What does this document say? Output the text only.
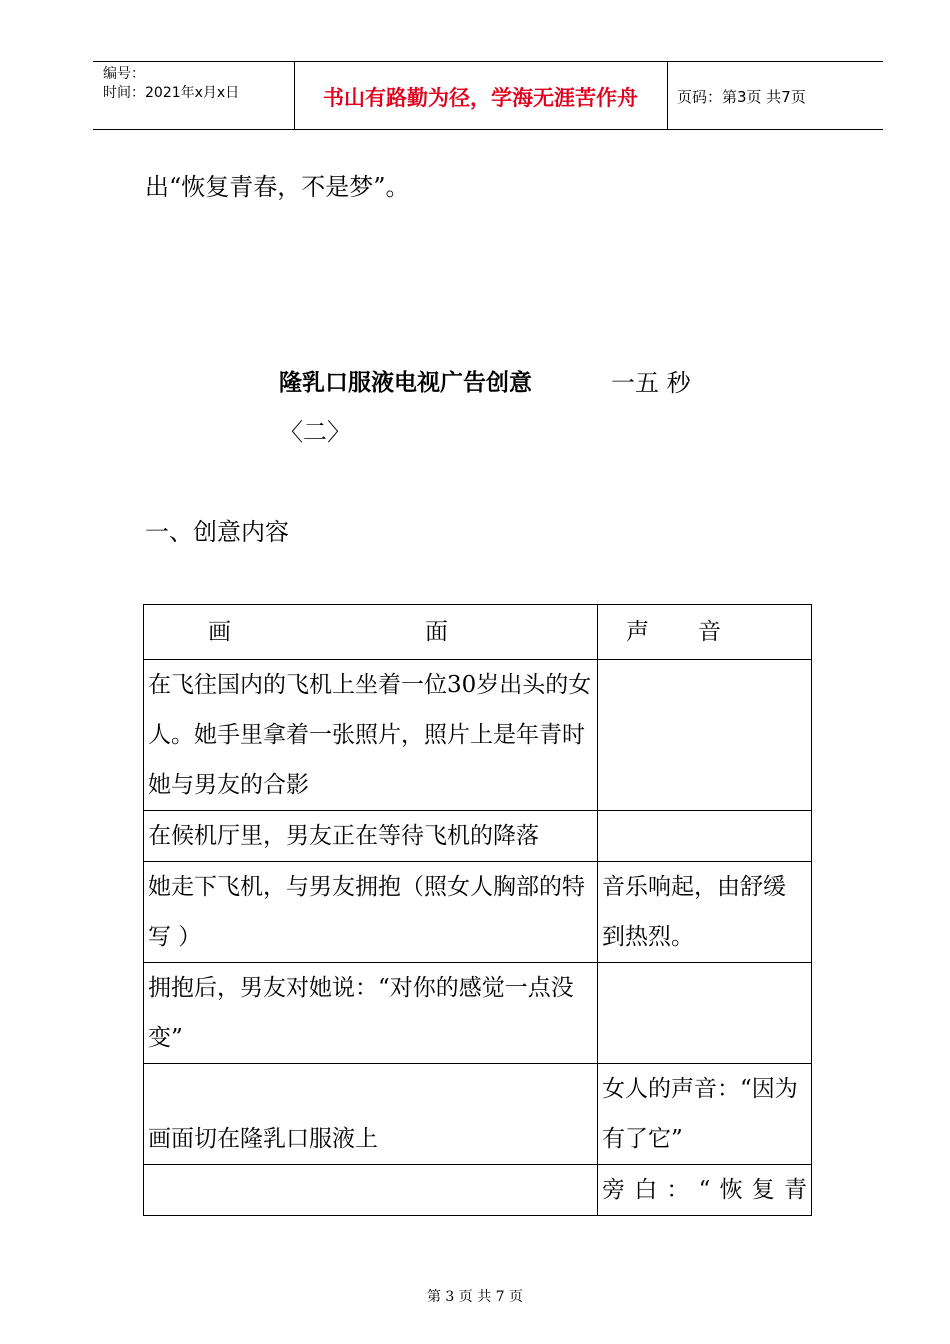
编号：
时间：2021年x月x日	书山有路勤为径，学海无涯苦作舟	页码：第3页 共7页
出“恢复青春，不是梦”。
隆乳口服液电视广告创意	一五 秒
〈二〉
一、创意内容
画 面	声 音

在飞往国内的飞机上坐着一位30岁出头的女人。她手里拿着一张照片，照片上是年青时她与男友的合影	
在候机厅里，男友正在等待飞机的降落	
她走下飞机，与男友拥抱（照女人胸部的特写 ）	音乐响起，由舒缓到热烈。
拥抱后，男友对她说：“对你的感觉一点没变”	
画面切在隆乳口服液上	女人的声音：“因为有了它”
	旁白：“恢复青
第 3 页 共 7 页
